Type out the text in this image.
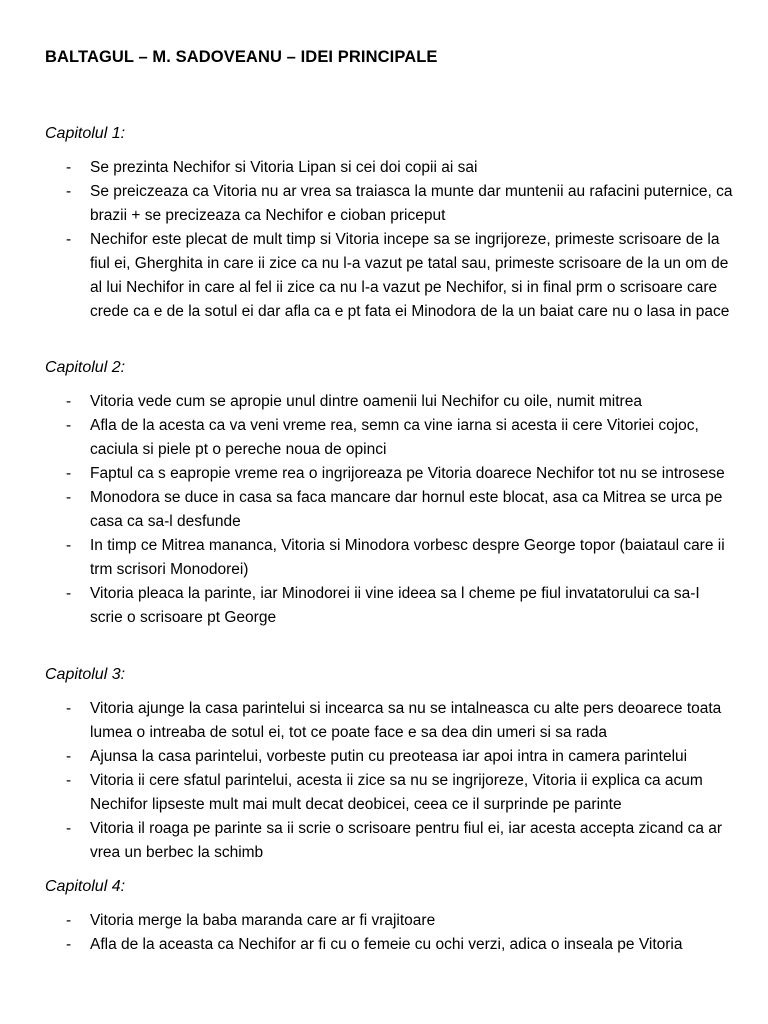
BALTAGUL – M. SADOVEANU – IDEI PRINCIPALE

Capitolul 1:

- Se prezinta Nechifor si Vitoria Lipan si cei doi copii ai sai
- Se preiczeaza ca Vitoria nu ar vrea sa traiasca la munte dar muntenii au rafacini puternice, ca brazii + se precizeaza ca Nechifor e cioban priceput
- Nechifor este plecat de mult timp si Vitoria incepe sa se ingrijoreze, primeste scrisoare de la fiul ei, Gherghita in care ii zice ca nu l-a vazut pe tatal sau, primeste scrisoare de la un om de al lui Nechifor in care al fel ii zice ca nu l-a vazut pe Nechifor, si in final prm o scrisoare care crede ca e de la sotul ei dar afla ca e pt fata ei Minodora de la un baiat care nu o lasa in pace

Capitolul 2:

- Vitoria vede cum se apropie unul dintre oamenii lui Nechifor cu oile, numit mitrea
- Afla de la acesta ca va veni vreme rea, semn ca vine iarna si acesta ii cere Vitoriei cojoc, caciula si piele pt o pereche noua de opinci
- Faptul ca s eapropie vreme rea o ingrijoreaza pe Vitoria doarece Nechifor tot nu se introsese
- Monodora se duce in casa sa faca mancare dar hornul este blocat, asa ca Mitrea se urca pe casa ca sa-l desfunde
- In timp ce Mitrea mananca, Vitoria si Minodora vorbesc despre George topor (baiataul care ii trm scrisori Monodorei)
- Vitoria pleaca la parinte, iar Minodorei ii vine ideea sa l cheme pe fiul invatatorului ca sa-I scrie o scrisoare pt George

Capitolul 3:

- Vitoria ajunge la casa parintelui si incearca sa nu se intalneasca cu alte pers deoarece toata lumea o intreaba de sotul ei, tot ce poate face e sa dea din umeri si sa rada
- Ajunsa la casa parintelui, vorbeste putin cu preoteasa iar apoi intra in camera parintelui
- Vitoria ii cere sfatul parintelui, acesta ii zice sa nu se ingrijoreze, Vitoria ii explica ca acum Nechifor lipseste mult mai mult decat deobicei, ceea ce il surprinde pe parinte
- Vitoria il roaga pe parinte sa ii scrie o scrisoare pentru fiul ei, iar acesta accepta zicand ca ar vrea un berbec la schimb

Capitolul 4:

- Vitoria merge la baba maranda care ar fi vrajitoare
- Afla de la aceasta ca Nechifor ar fi cu o femeie cu ochi verzi, adica o inseala pe Vitoria
